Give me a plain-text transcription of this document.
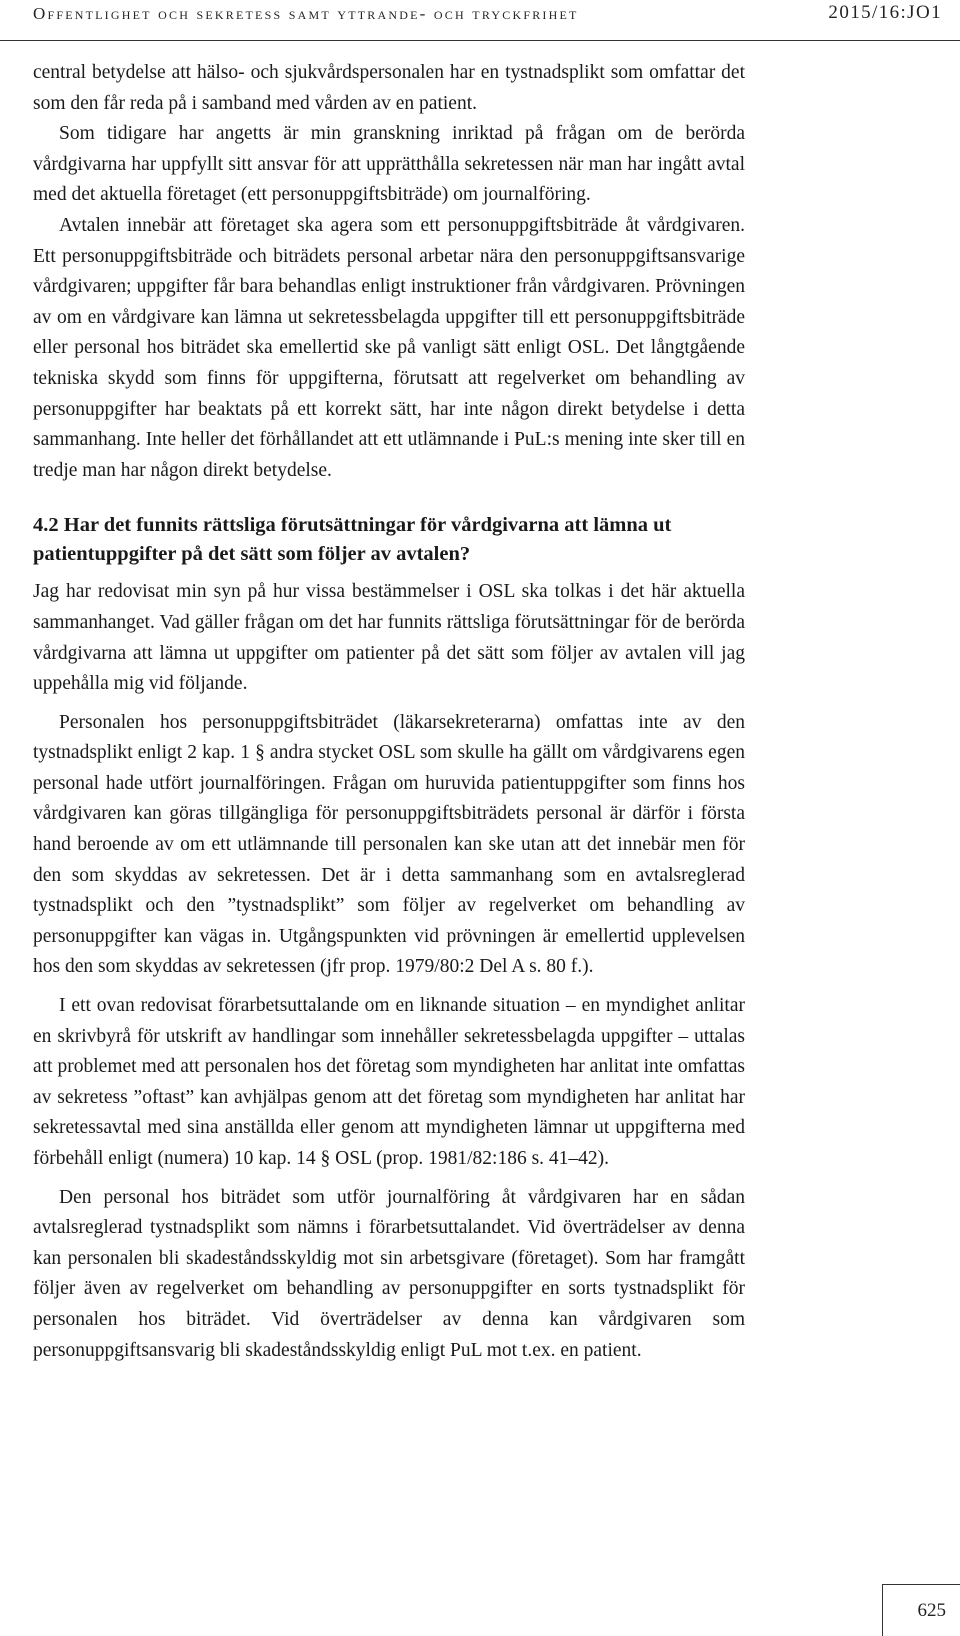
Offentlighet och sekretess samt yttrande- och tryckfrihet	2015/16:JO1

central betydelse att hälso- och sjukvårdspersonalen har en tystnadsplikt som omfattar det som den får reda på i samband med vården av en patient.

Som tidigare har angetts är min granskning inriktad på frågan om de berörda vårdgivarna har uppfyllt sitt ansvar för att upprätthålla sekretessen när man har ingått avtal med det aktuella företaget (ett personuppgiftsbiträde) om journalföring.

Avtalen innebär att företaget ska agera som ett personuppgiftsbiträde åt vårdgivaren. Ett personuppgiftsbiträde och biträdets personal arbetar nära den personuppgiftsansvarige vårdgivaren; uppgifter får bara behandlas enligt instruktioner från vårdgivaren. Prövningen av om en vårdgivare kan lämna ut sekretessbelagda uppgifter till ett personuppgiftsbiträde eller personal hos biträdet ska emellertid ske på vanligt sätt enligt OSL. Det långtgående tekniska skydd som finns för uppgifterna, förutsatt att regelverket om behandling av personuppgifter har beaktats på ett korrekt sätt, har inte någon direkt betydelse i detta sammanhang. Inte heller det förhållandet att ett utlämnande i PuL:s mening inte sker till en tredje man har någon direkt betydelse.

4.2 Har det funnits rättsliga förutsättningar för vårdgivarna att lämna ut patientuppgifter på det sätt som följer av avtalen?

Jag har redovisat min syn på hur vissa bestämmelser i OSL ska tolkas i det här aktuella sammanhanget. Vad gäller frågan om det har funnits rättsliga förutsättningar för de berörda vårdgivarna att lämna ut uppgifter om patienter på det sätt som följer av avtalen vill jag uppehålla mig vid följande.

Personalen hos personuppgiftsbiträdet (läkarsekreterarna) omfattas inte av den tystnadsplikt enligt 2 kap. 1 § andra stycket OSL som skulle ha gällt om vårdgivarens egen personal hade utfört journalföringen. Frågan om huruvida patientuppgifter som finns hos vårdgivaren kan göras tillgängliga för personuppgiftsbiträdets personal är därför i första hand beroende av om ett utlämnande till personalen kan ske utan att det innebär men för den som skyddas av sekretessen. Det är i detta sammanhang som en avtalsreglerad tystnadsplikt och den ”tystnadsplikt” som följer av regelverket om behandling av personuppgifter kan vägas in. Utgångspunkten vid prövningen är emellertid upplevelsen hos den som skyddas av sekretessen (jfr prop. 1979/80:2 Del A s. 80 f.).

I ett ovan redovisat förarbetsuttalande om en liknande situation – en myndighet anlitar en skrivbyrå för utskrift av handlingar som innehåller sekretessbelagda uppgifter – uttalas att problemet med att personalen hos det företag som myndigheten har anlitat inte omfattas av sekretess ”oftast” kan avhjälpas genom att det företag som myndigheten har anlitat har sekretessavtal med sina anställda eller genom att myndigheten lämnar ut uppgifterna med förbehåll enligt (numera) 10 kap. 14 § OSL (prop. 1981/82:186 s. 41–42).

Den personal hos biträdet som utför journalföring åt vårdgivaren har en sådan avtalsreglerad tystnadsplikt som nämns i förarbetsuttalandet. Vid överträdelser av denna kan personalen bli skadeståndsskyldig mot sin arbetsgivare (företaget). Som har framgått följer även av regelverket om behandling av personuppgifter en sorts tystnadsplikt för personalen hos biträdet. Vid överträdelser av denna kan vårdgivaren som personuppgiftsansvarig bli skadeståndsskyldig enligt PuL mot t.ex. en patient.

625
